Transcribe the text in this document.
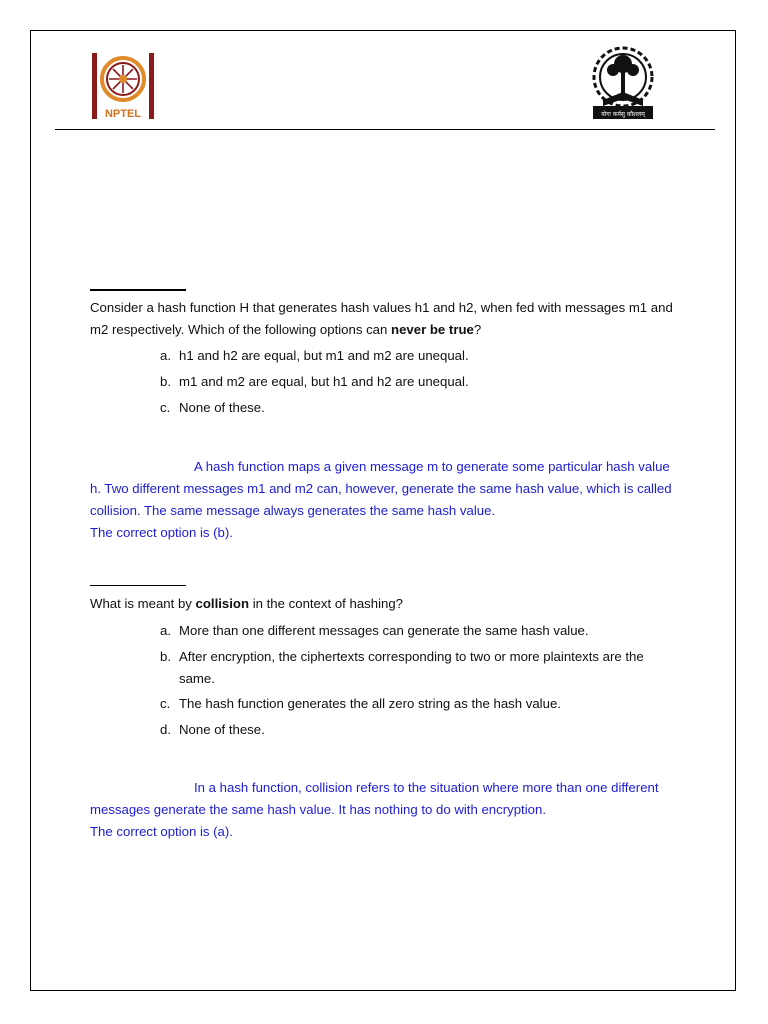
NPTEL	योगः कर्मसु कौशलम्

Consider a hash function H that generates hash values h1 and h2, when fed with messages m1 and m2 respectively. Which of the following options can never be true?

a. h1 and h2 are equal, but m1 and m2 are unequal.
b. m1 and m2 are equal, but h1 and h2 are unequal.
c. None of these.

A hash function maps a given message m to generate some particular hash value h. Two different messages m1 and m2 can, however, generate the same hash value, which is called collision. The same message always generates the same hash value.

The correct option is (b).

What is meant by collision in the context of hashing?

a. More than one different messages can generate the same hash value.
b. After encryption, the ciphertexts corresponding to two or more plaintexts are the same.
c. The hash function generates the all zero string as the hash value.
d. None of these.

In a hash function, collision refers to the situation where more than one different messages generate the same hash value. It has nothing to do with encryption.

The correct option is (a).
